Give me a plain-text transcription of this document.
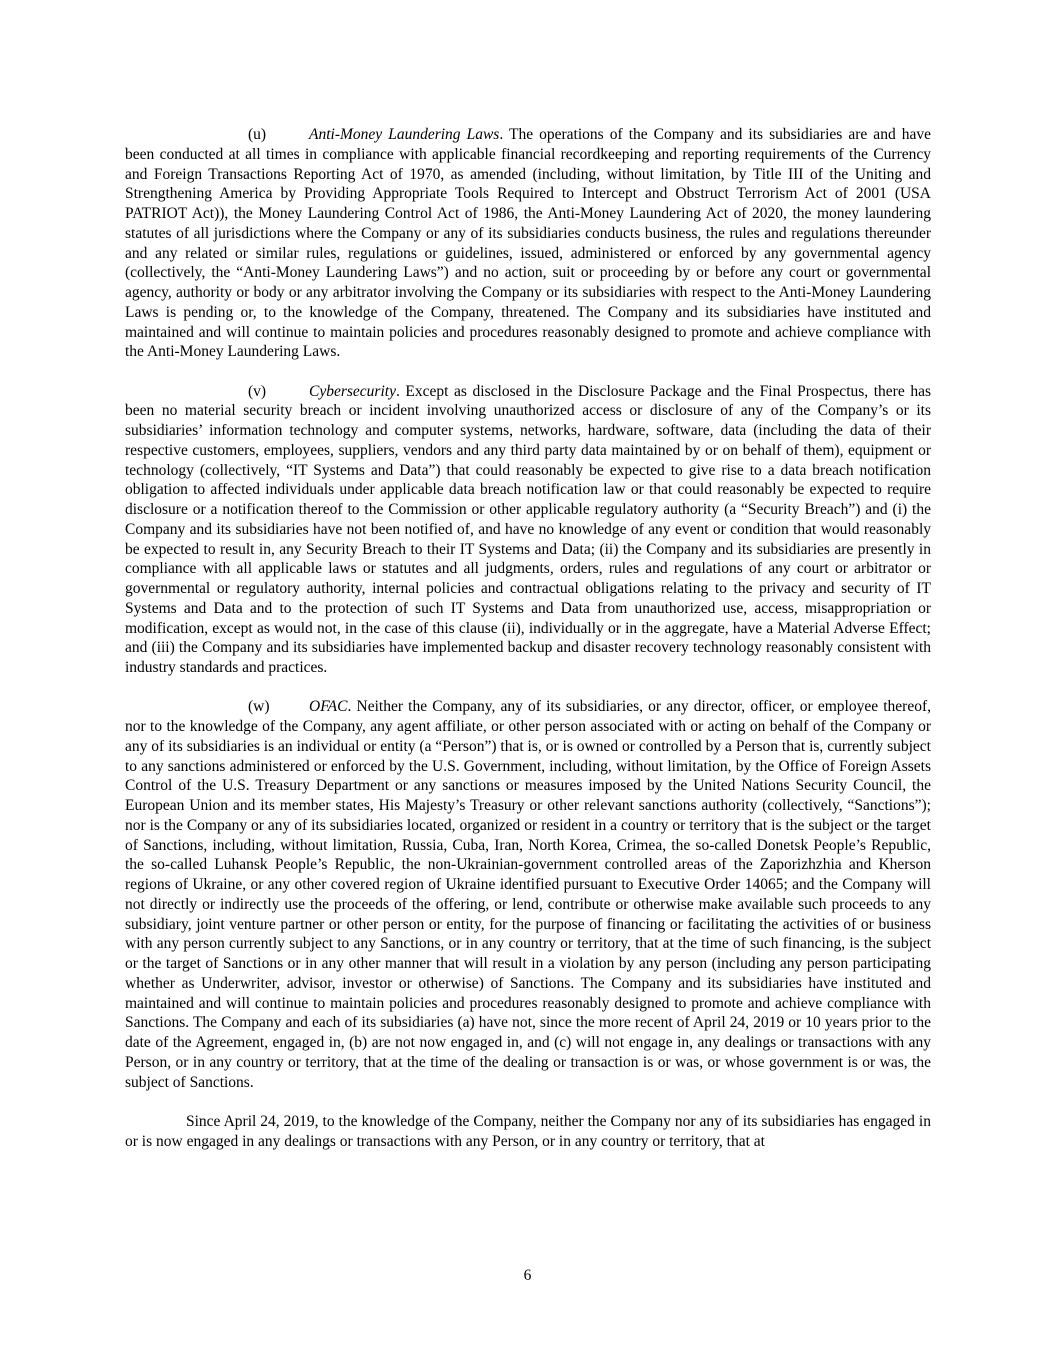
(u)	Anti-Money Laundering Laws. The operations of the Company and its subsidiaries are and have been conducted at all times in compliance with applicable financial recordkeeping and reporting requirements of the Currency and Foreign Transactions Reporting Act of 1970, as amended (including, without limitation, by Title III of the Uniting and Strengthening America by Providing Appropriate Tools Required to Intercept and Obstruct Terrorism Act of 2001 (USA PATRIOT Act)), the Money Laundering Control Act of 1986, the Anti-Money Laundering Act of 2020, the money laundering statutes of all jurisdictions where the Company or any of its subsidiaries conducts business, the rules and regulations thereunder and any related or similar rules, regulations or guidelines, issued, administered or enforced by any governmental agency (collectively, the “Anti-Money Laundering Laws”) and no action, suit or proceeding by or before any court or governmental agency, authority or body or any arbitrator involving the Company or its subsidiaries with respect to the Anti-Money Laundering Laws is pending or, to the knowledge of the Company, threatened. The Company and its subsidiaries have instituted and maintained and will continue to maintain policies and procedures reasonably designed to promote and achieve compliance with the Anti-Money Laundering Laws.

(v)	Cybersecurity. Except as disclosed in the Disclosure Package and the Final Prospectus, there has been no material security breach or incident involving unauthorized access or disclosure of any of the Company’s or its subsidiaries’ information technology and computer systems, networks, hardware, software, data (including the data of their respective customers, employees, suppliers, vendors and any third party data maintained by or on behalf of them), equipment or technology (collectively, “IT Systems and Data”) that could reasonably be expected to give rise to a data breach notification obligation to affected individuals under applicable data breach notification law or that could reasonably be expected to require disclosure or a notification thereof to the Commission or other applicable regulatory authority (a “Security Breach”) and (i) the Company and its subsidiaries have not been notified of, and have no knowledge of any event or condition that would reasonably be expected to result in, any Security Breach to their IT Systems and Data; (ii) the Company and its subsidiaries are presently in compliance with all applicable laws or statutes and all judgments, orders, rules and regulations of any court or arbitrator or governmental or regulatory authority, internal policies and contractual obligations relating to the privacy and security of IT Systems and Data and to the protection of such IT Systems and Data from unauthorized use, access, misappropriation or modification, except as would not, in the case of this clause (ii), individually or in the aggregate, have a Material Adverse Effect; and (iii) the Company and its subsidiaries have implemented backup and disaster recovery technology reasonably consistent with industry standards and practices.

(w)	OFAC. Neither the Company, any of its subsidiaries, or any director, officer, or employee thereof, nor to the knowledge of the Company, any agent affiliate, or other person associated with or acting on behalf of the Company or any of its subsidiaries is an individual or entity (a “Person”) that is, or is owned or controlled by a Person that is, currently subject to any sanctions administered or enforced by the U.S. Government, including, without limitation, by the Office of Foreign Assets Control of the U.S. Treasury Department or any sanctions or measures imposed by the United Nations Security Council, the European Union and its member states, His Majesty’s Treasury or other relevant sanctions authority (collectively, “Sanctions”); nor is the Company or any of its subsidiaries located, organized or resident in a country or territory that is the subject or the target of Sanctions, including, without limitation, Russia, Cuba, Iran, North Korea, Crimea, the so-called Donetsk People’s Republic, the so-called Luhansk People’s Republic, the non-Ukrainian-government controlled areas of the Zaporizhzhia and Kherson regions of Ukraine, or any other covered region of Ukraine identified pursuant to Executive Order 14065; and the Company will not directly or indirectly use the proceeds of the offering, or lend, contribute or otherwise make available such proceeds to any subsidiary, joint venture partner or other person or entity, for the purpose of financing or facilitating the activities of or business with any person currently subject to any Sanctions, or in any country or territory, that at the time of such financing, is the subject or the target of Sanctions or in any other manner that will result in a violation by any person (including any person participating whether as Underwriter, advisor, investor or otherwise) of Sanctions. The Company and its subsidiaries have instituted and maintained and will continue to maintain policies and procedures reasonably designed to promote and achieve compliance with Sanctions. The Company and each of its subsidiaries (a) have not, since the more recent of April 24, 2019 or 10 years prior to the date of the Agreement, engaged in, (b) are not now engaged in, and (c) will not engage in, any dealings or transactions with any Person, or in any country or territory, that at the time of the dealing or transaction is or was, or whose government is or was, the subject of Sanctions.

Since April 24, 2019, to the knowledge of the Company, neither the Company nor any of its subsidiaries has engaged in or is now engaged in any dealings or transactions with any Person, or in any country or territory, that at

6
